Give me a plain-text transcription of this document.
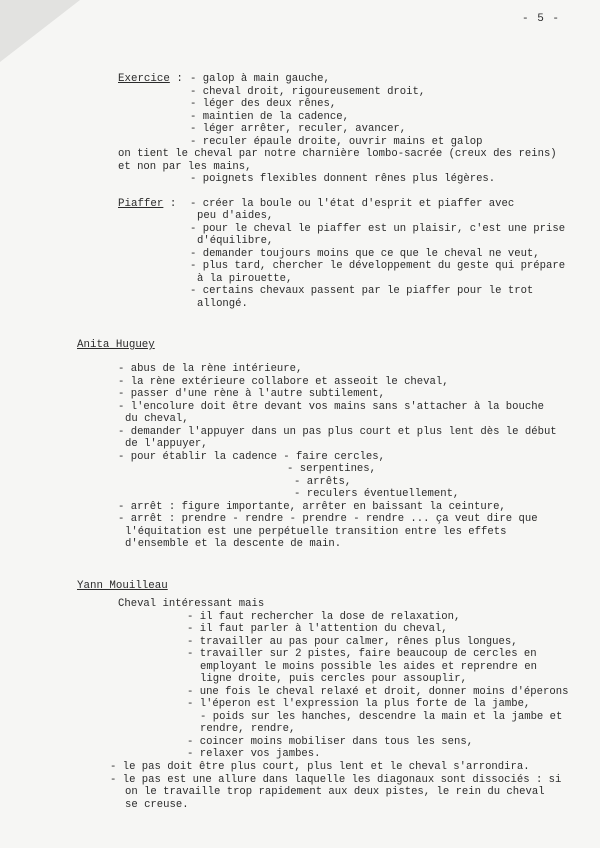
- 5 -
Exercice : - galop à main gauche,
- cheval droit, rigoureusement droit,
- léger des deux rênes,
- maintien de la cadence,
- léger arrêter, reculer, avancer,
- reculer épaule droite, ouvrir mains et galop
on tient le cheval par notre charnière lombo-sacrée (creux des reins)
et non par les mains,
- poignets flexibles donnent rênes plus légères.
Piaffer : - créer la boule ou l'état d'esprit et piaffer avec
peu d'aides,
- pour le cheval le piaffer est un plaisir, c'est une prise
d'équilibre,
- demander toujours moins que ce que le cheval ne veut,
- plus tard, chercher le développement du geste qui prépare
à la pirouette,
- certains chevaux passent par le piaffer pour le trot
allongé.
Anita Huguey
- abus de la rène intérieure,
- la rène extérieure collabore et asseoit le cheval,
- passer d'une rène à l'autre subtilement,
- l'encolure doit être devant vos mains sans s'attacher à la bouche
du cheval,
- demander l'appuyer dans un pas plus court et plus lent dès le début
de l'appuyer,
- pour établir la cadence - faire cercles,
- serpentines,
- arrêts,
- reculers éventuellement,
- arrêt : figure importante, arrêter en baissant la ceinture,
- arrêt : prendre - rendre - prendre - rendre ... ça veut dire que
l'équitation est une perpétuelle transition entre les effets
d'ensemble et la descente de main.
Yann Mouilleau
Cheval intéressant mais
- il faut rechercher la dose de relaxation,
- il faut parler à l'attention du cheval,
- travailler au pas pour calmer, rênes plus longues,
- travailler sur 2 pistes, faire beaucoup de cercles en
employant le moins possible les aides et reprendre en
ligne droite, puis cercles pour assouplir,
- une fois le cheval relaxé et droit, donner moins d'éperons
- l'éperon est l'expression la plus forte de la jambe,
- poids sur les hanches, descendre la main et la jambe et
rendre, rendre,
- coincer moins mobiliser dans tous les sens,
- relaxer vos jambes.
- le pas doit être plus court, plus lent et le cheval s'arrondira.
- le pas est une allure dans laquelle les diagonaux sont dissociés : si
on le travaille trop rapidement aux deux pistes, le rein du cheval
se creuse.
